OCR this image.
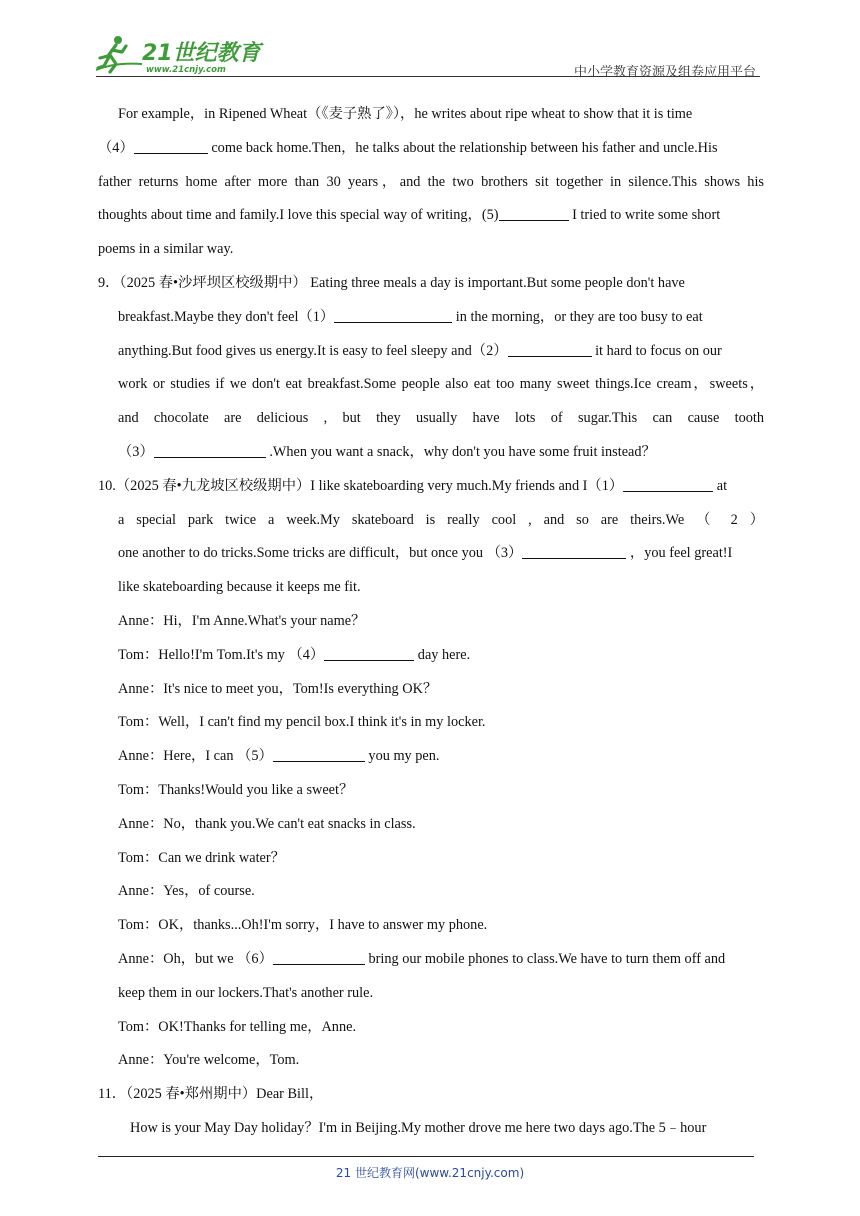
21世纪教育
www.21cnjy.com	中小学教育资源及组卷应用平台
For example，in Ripened Wheat（《麦子熟了》），he writes about ripe wheat to show that it is time
（4）	come back home.Then，he talks about the relationship between his father and uncle.His
father returns home after more than 30 years，and the two brothers sit together in silence.This shows his
thoughts about time and family.I love this special way of writing，(5)	I tried to write some short
poems in a similar way.
9．（2025 春•沙坪坝区校级期中） Eating three meals a day is important.But some people don't have
breakfast.Maybe they don't feel（1）	in the morning，or they are too busy to eat
anything.But food gives us energy.It is easy to feel sleepy and（2）	it hard to focus on our
work or studies if we don't eat breakfast.Some people also eat too many sweet things.Ice cream，sweets，
and chocolate are delicious , but they usually have lots of sugar.This can cause tooth
（3）	.When you want a snack，why don't you have some fruit instead？
10.（2025 春•九龙坡区校级期中）I like skateboarding very much.My friends and I（1）	at
a special park twice a week.My skateboard is really cool , and so are theirs.We （ 2 ）
one another to do tricks.Some tricks are difficult，but once you （3）	，you feel great!I
like skateboarding because it keeps me fit.
Anne：Hi，I'm Anne.What's your name？
Tom：Hello!I'm Tom.It's my （4）	day here.
Anne：It's nice to meet you，Tom!Is everything OK？
Tom：Well，I can't find my pencil box.I think it's in my locker.
Anne：Here，I can （5）	you my pen.
Tom：Thanks!Would you like a sweet？
Anne：No，thank you.We can't eat snacks in class.
Tom：Can we drink water？
Anne：Yes，of course.
Tom：OK，thanks...Oh!I'm sorry，I have to answer my phone.
Anne：Oh，but we （6）	bring our mobile phones to class.We have to turn them off and
keep them in our lockers.That's another rule.
Tom：OK!Thanks for telling me，Anne.
Anne：You're welcome，Tom.
11．（2025 春•郑州期中）Dear Bill，
How is your May Day holiday？I'm in Beijing.My mother drove me here two days ago.The 5﹣hour
21 世纪教育网(www.21cnjy.com)
